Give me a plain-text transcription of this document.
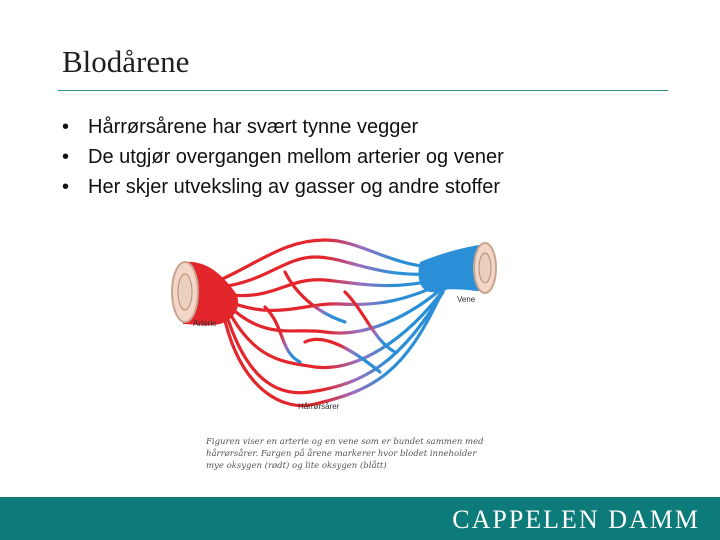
Blodårene
• Hårrørsårene har svært tynne vegger
• De utgjør overgangen mellom arterier og vener
• Her skjer utveksling av gasser og andre stoffer
Arterie
Vene
Hårrørsårer
Figuren viser en arterie og en vene som er bundet sammen med
hårrørsårer. Fargen på årene markerer hvor blodet inneholder
mye oksygen (rødt) og lite oksygen (blått)
CAPPELEN DAMM
